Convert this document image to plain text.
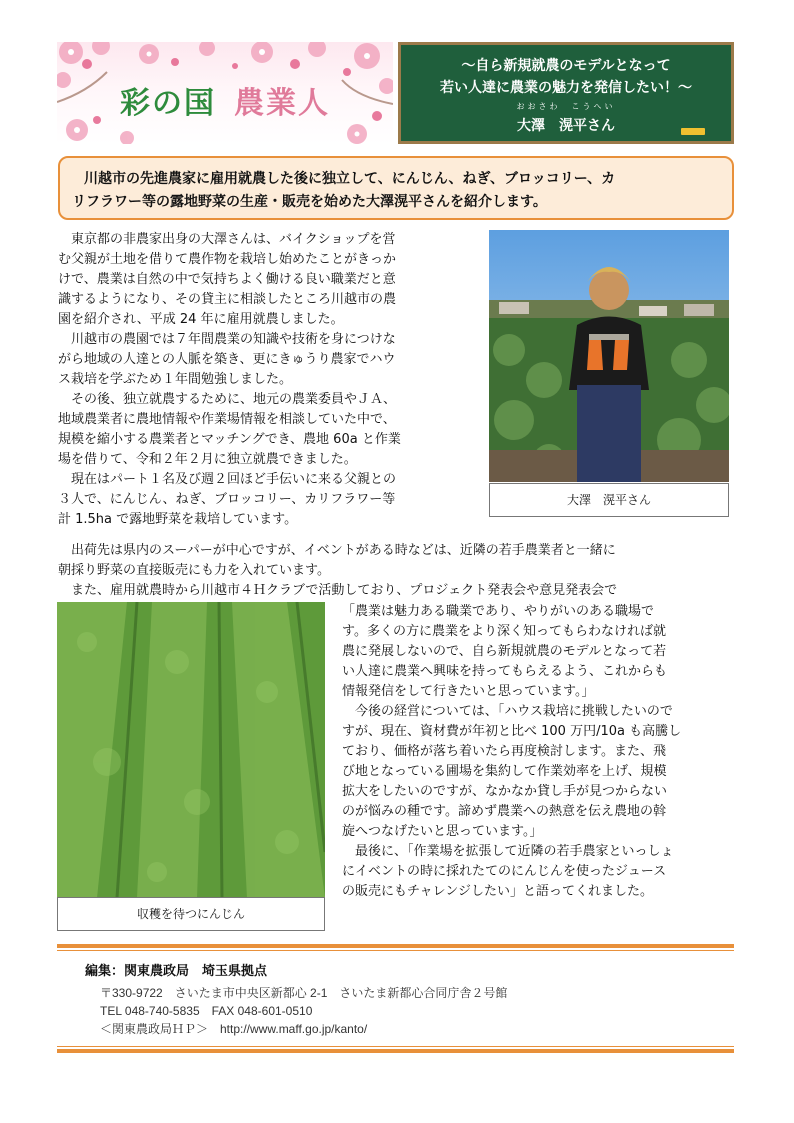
彩の国 農業人
～自ら新規就農のモデルとなって
若い人達に農業の魅力を発信したい！～
おおさわ　こうへい
大澤　滉平さん
川越市の先進農家に雇用就農した後に独立して、にんじん、ねぎ、ブロッコリー、カ
リフラワー等の露地野菜の生産・販売を始めた大澤滉平さんを紹介します。
　東京都の非農家出身の大澤さんは、バイクショップを営
む父親が土地を借りて農作物を栽培し始めたことがきっか
けで、農業は自然の中で気持ちよく働ける良い職業だと意
識するようになり、その貸主に相談したところ川越市の農
園を紹介され、平成 24 年に雇用就農しました。
　川越市の農園では７年間農業の知識や技術を身につけな
がら地域の人達との人脈を築き、更にきゅうり農家でハウ
ス栽培を学ぶため１年間勉強しました。
　その後、独立就農するために、地元の農業委員やＪＡ、
地域農業者に農地情報や作業場情報を相談していた中で、
規模を縮小する農業者とマッチングでき、農地 60a と作業
場を借りて、令和２年２月に独立就農できました。
　現在はパート１名及び週２回ほど手伝いに来る父親との
３人で、にんじん、ねぎ、ブロッコリー、カリフラワー等
計 1.5ha で露地野菜を栽培しています。
　出荷先は県内のスーパーが中心ですが、イベントがある時などは、近隣の若手農業者と一緒に
朝採り野菜の直接販売にも力を入れています。
　また、雇用就農時から川越市４Ｈクラブで活動しており、プロジェクト発表会や意見発表会で
「農業は魅力ある職業であり、やりがいのある職場で
す。多くの方に農業をより深く知ってもらわなければ就
農に発展しないので、自ら新規就農のモデルとなって若
い人達に農業へ興味を持ってもらえるよう、これからも
情報発信をして行きたいと思っています。」
　今後の経営については、「ハウス栽培に挑戦したいので
すが、現在、資材費が年初と比べ 100 万円/10a も高騰し
ており、価格が落ち着いたら再度検討します。また、飛
び地となっている圃場を集約して作業効率を上げ、規模
拡大をしたいのですが、なかなか貸し手が見つからない
のが悩みの種です。諦めず農業への熱意を伝え農地の斡
旋へつなげたいと思っています。」
　最後に、「作業場を拡張して近隣の若手農家といっしょ
にイベントの時に採れたてのにんじんを使ったジュース
の販売にもチャレンジしたい」と語ってくれました。
大澤　滉平さん
収穫を待つにんじん
編集：関東農政局　埼玉県拠点
〒330-9722　さいたま市中央区新都心 2-1　さいたま新都心合同庁舎２号館
TEL 048-740-5835　FAX 048-601-0510
＜関東農政局ＨＰ＞　http://www.maff.go.jp/kanto/
